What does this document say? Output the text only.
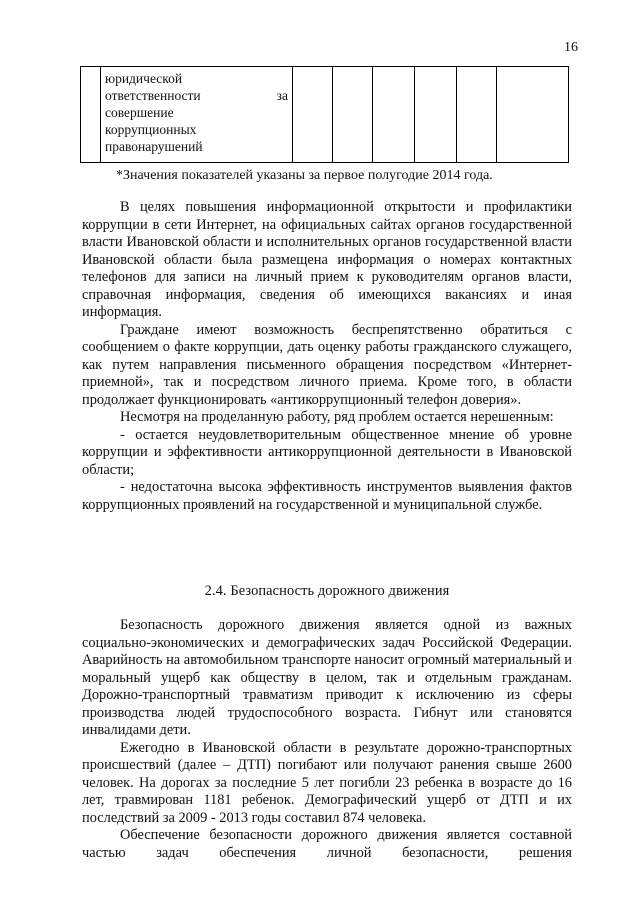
16

юридической
ответственности	за
совершение
коррупционных
правонарушений

*Значения показателей указаны за первое полугодие 2014 года.

В целях повышения информационной открытости и профилактики коррупции в сети Интернет, на официальных сайтах органов государственной власти Ивановской области и исполнительных органов государственной власти Ивановской области была размещена информация о номерах контактных телефонов для записи на личный прием к руководителям органов власти, справочная информация, сведения об имеющихся вакансиях и иная информация.

Граждане имеют возможность беспрепятственно обратиться с сообщением о факте коррупции, дать оценку работы гражданского служащего, как путем направления письменного обращения посредством «Интернет-приемной», так и посредством личного приема. Кроме того, в области продолжает функционировать «антикоррупционный телефон доверия».

Несмотря на проделанную работу, ряд проблем остается нерешенным:

- остается неудовлетворительным общественное мнение об уровне коррупции и эффективности антикоррупционной деятельности в Ивановской области;

- недостаточна высока эффективность инструментов выявления фактов коррупционных проявлений на государственной и муниципальной службе.

2.4. Безопасность дорожного движения

Безопасность дорожного движения является одной из важных социально-экономических и демографических задач Российской Федерации. Аварийность на автомобильном транспорте наносит огромный материальный и моральный ущерб как обществу в целом, так и отдельным гражданам. Дорожно-транспортный травматизм приводит к исключению из сферы производства людей трудоспособного возраста. Гибнут или становятся инвалидами дети.

Ежегодно в Ивановской области в результате дорожно-транспортных происшествий (далее – ДТП) погибают или получают ранения свыше 2600 человек. На дорогах за последние 5 лет погибли 23 ребенка в возрасте до 16 лет, травмирован 1181 ребенок. Демографический ущерб от ДТП и их последствий за 2009 - 2013 годы составил 874 человека.

Обеспечение безопасности дорожного движения является составной частью задач обеспечения личной безопасности, решения
